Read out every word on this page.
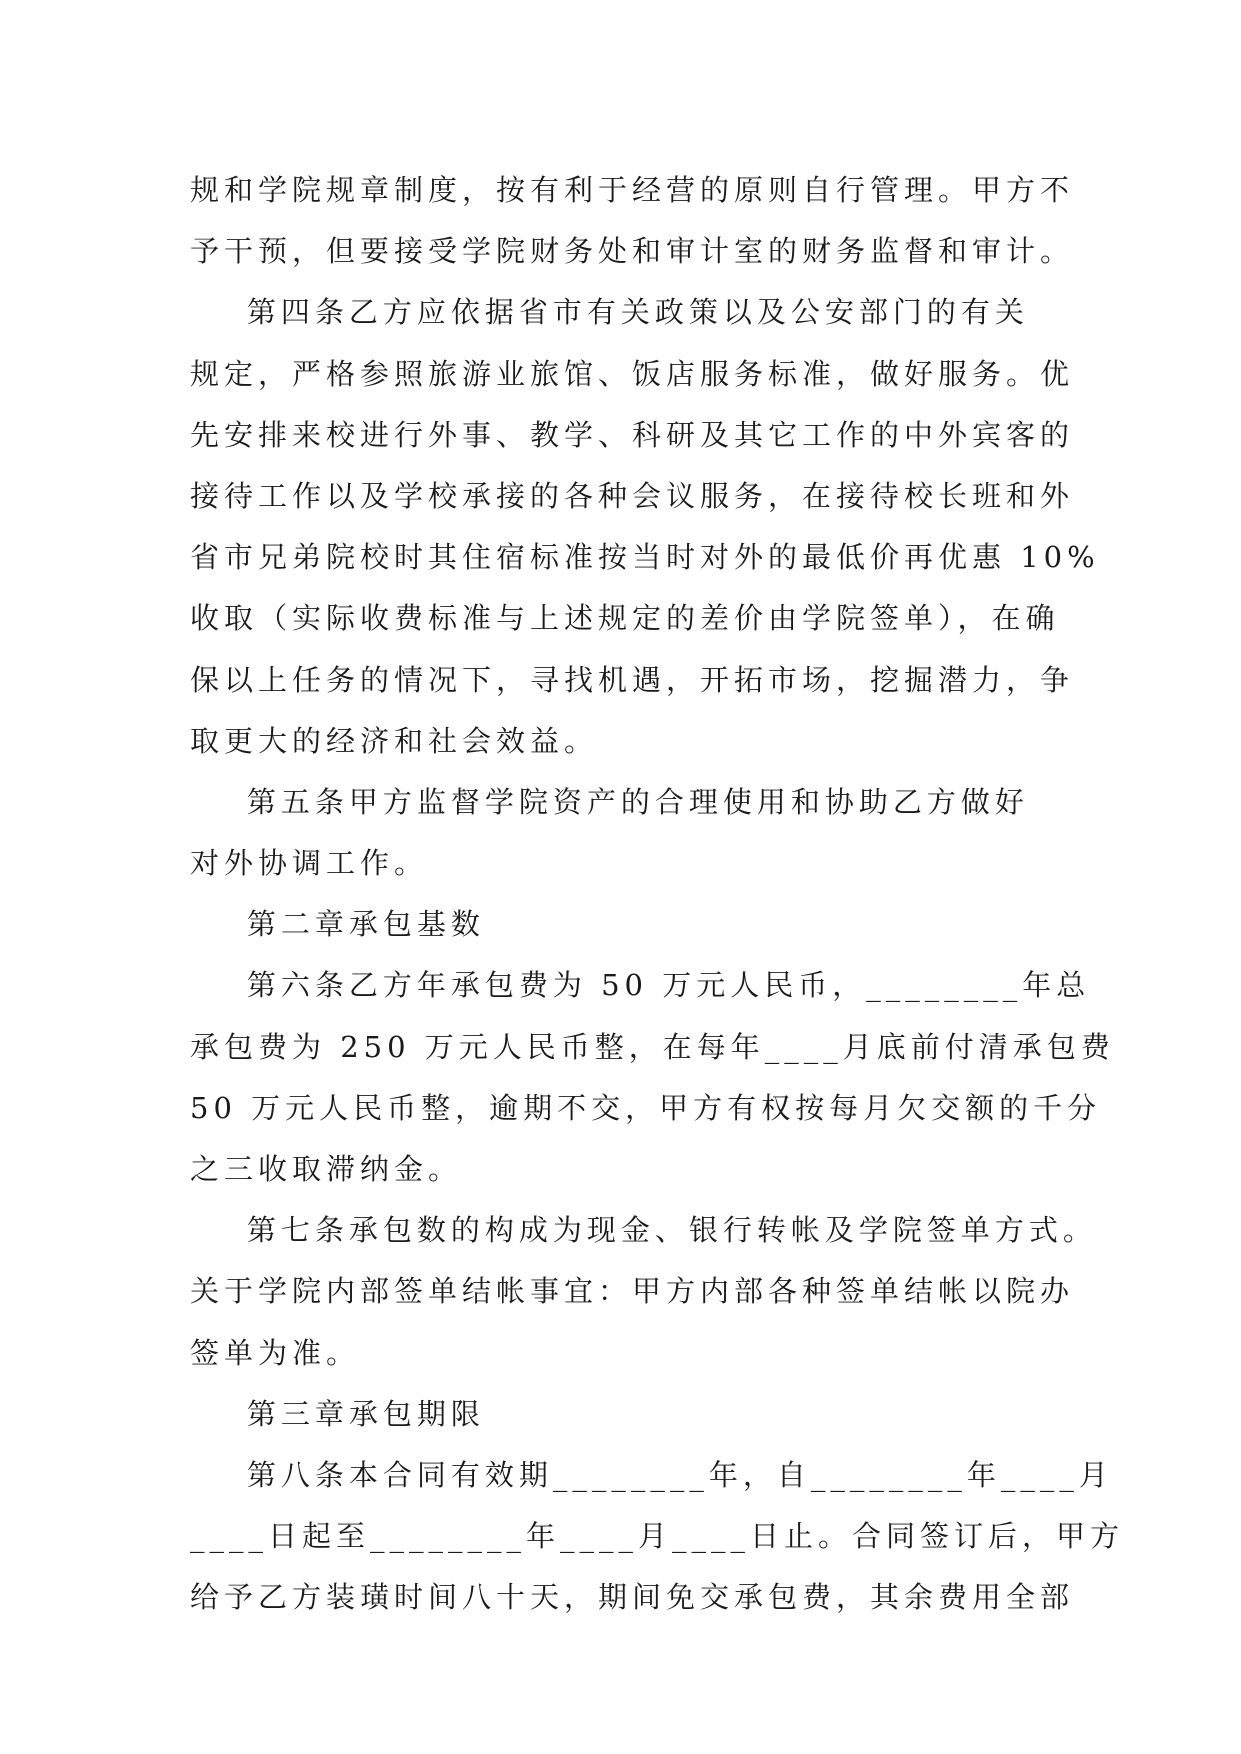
规和学院规章制度，按有利于经营的原则自行管理。甲方不
予干预，但要接受学院财务处和审计室的财务监督和审计。
第四条乙方应依据省市有关政策以及公安部门的有关
规定，严格参照旅游业旅馆、饭店服务标准，做好服务。优
先安排来校进行外事、教学、科研及其它工作的中外宾客的
接待工作以及学校承接的各种会议服务，在接待校长班和外
省市兄弟院校时其住宿标准按当时对外的最低价再优惠 10%
收取（实际收费标准与上述规定的差价由学院签单），在确
保以上任务的情况下，寻找机遇，开拓市场，挖掘潜力，争
取更大的经济和社会效益。
第五条甲方监督学院资产的合理使用和协助乙方做好
对外协调工作。
第二章承包基数
第六条乙方年承包费为 50 万元人民币，________年总
承包费为 250 万元人民币整，在每年____月底前付清承包费
50 万元人民币整，逾期不交，甲方有权按每月欠交额的千分
之三收取滞纳金。
第七条承包数的构成为现金、银行转帐及学院签单方式。
关于学院内部签单结帐事宜：甲方内部各种签单结帐以院办
签单为准。
第三章承包期限
第八条本合同有效期________年，自________年____月
____日起至________年____月____日止。合同签订后，甲方
给予乙方装璜时间八十天，期间免交承包费，其余费用全部
